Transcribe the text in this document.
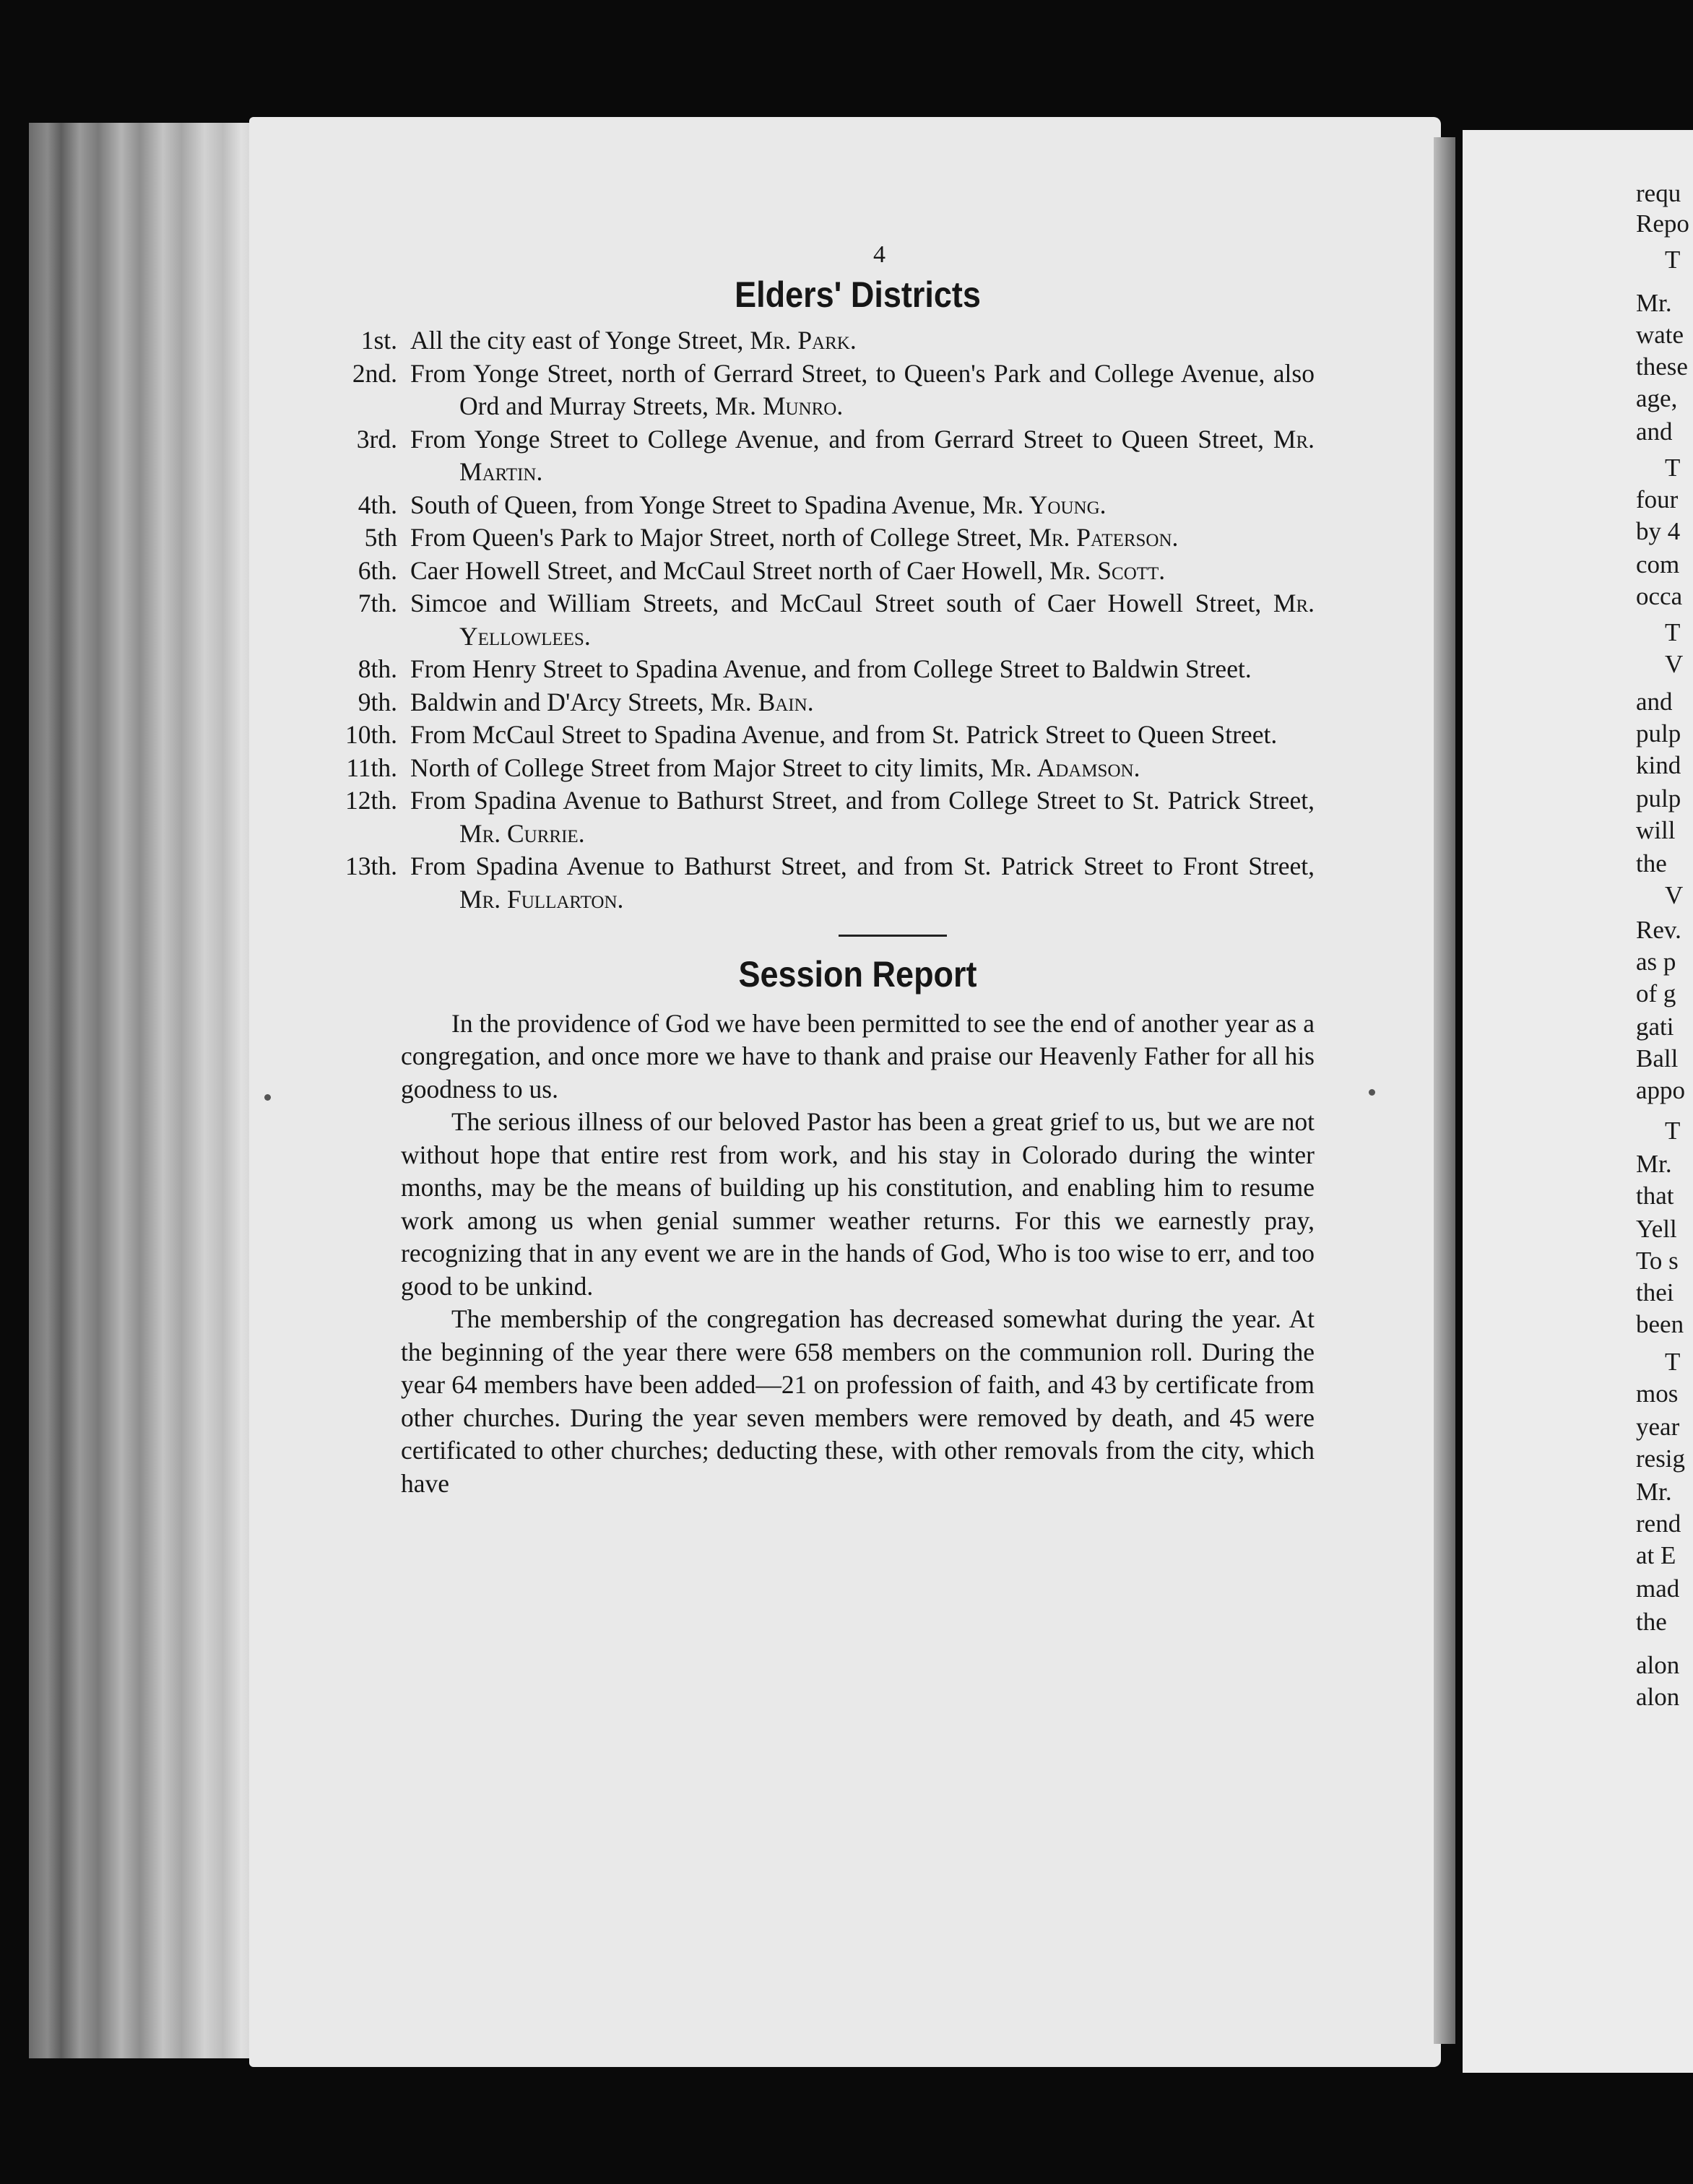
requ
Repo
T
Mr.
wate
these
age,
and
T
four
by 4
com
occa
T
V
and
pulp
kind
pulp
will
the
V
Rev.
as p
of g
gati
Ball
appo
T
Mr.
that
Yell
To s
thei
been
T
mos
year
resig
Mr.
rend
at E
mad
the
alon
alon
4
Elders' Districts
1st. All the city east of Yonge Street, Mr. Park.
2nd. From Yonge Street, north of Gerrard Street, to Queen's Park and College Avenue, also Ord and Murray Streets, Mr. Munro.
3rd. From Yonge Street to College Avenue, and from Gerrard Street to Queen Street, Mr. Martin.
4th. South of Queen, from Yonge Street to Spadina Avenue, Mr. Young.
5th From Queen's Park to Major Street, north of College Street, Mr. Paterson.
6th. Caer Howell Street, and McCaul Street north of Caer Howell, Mr. Scott.
7th. Simcoe and William Streets, and McCaul Street south of Caer Howell Street, Mr. Yellowlees.
8th. From Henry Street to Spadina Avenue, and from College Street to Baldwin Street.
9th. Baldwin and D'Arcy Streets, Mr. Bain.
10th. From McCaul Street to Spadina Avenue, and from St. Patrick Street to Queen Street.
11th. North of College Street from Major Street to city limits, Mr. Adamson.
12th. From Spadina Avenue to Bathurst Street, and from College Street to St. Patrick Street, Mr. Currie.
13th. From Spadina Avenue to Bathurst Street, and from St. Patrick Street to Front Street, Mr. Fullarton.
Session Report

In the providence of God we have been permitted to see the end of another year as a congregation, and once more we have to thank and praise our Heavenly Father for all his goodness to us.

The serious illness of our beloved Pastor has been a great grief to us, but we are not without hope that entire rest from work, and his stay in Colorado during the winter months, may be the means of building up his constitution, and enabling him to resume work among us when genial summer weather returns. For this we earnestly pray, recognizing that in any event we are in the hands of God, Who is too wise to err, and too good to be unkind.

The membership of the congregation has decreased somewhat during the year. At the beginning of the year there were 658 members on the communion roll. During the year 64 members have been added—21 on profession of faith, and 43 by certificate from other churches. During the year seven members were removed by death, and 45 were certificated to other churches; deducting these, with other removals from the city, which have
